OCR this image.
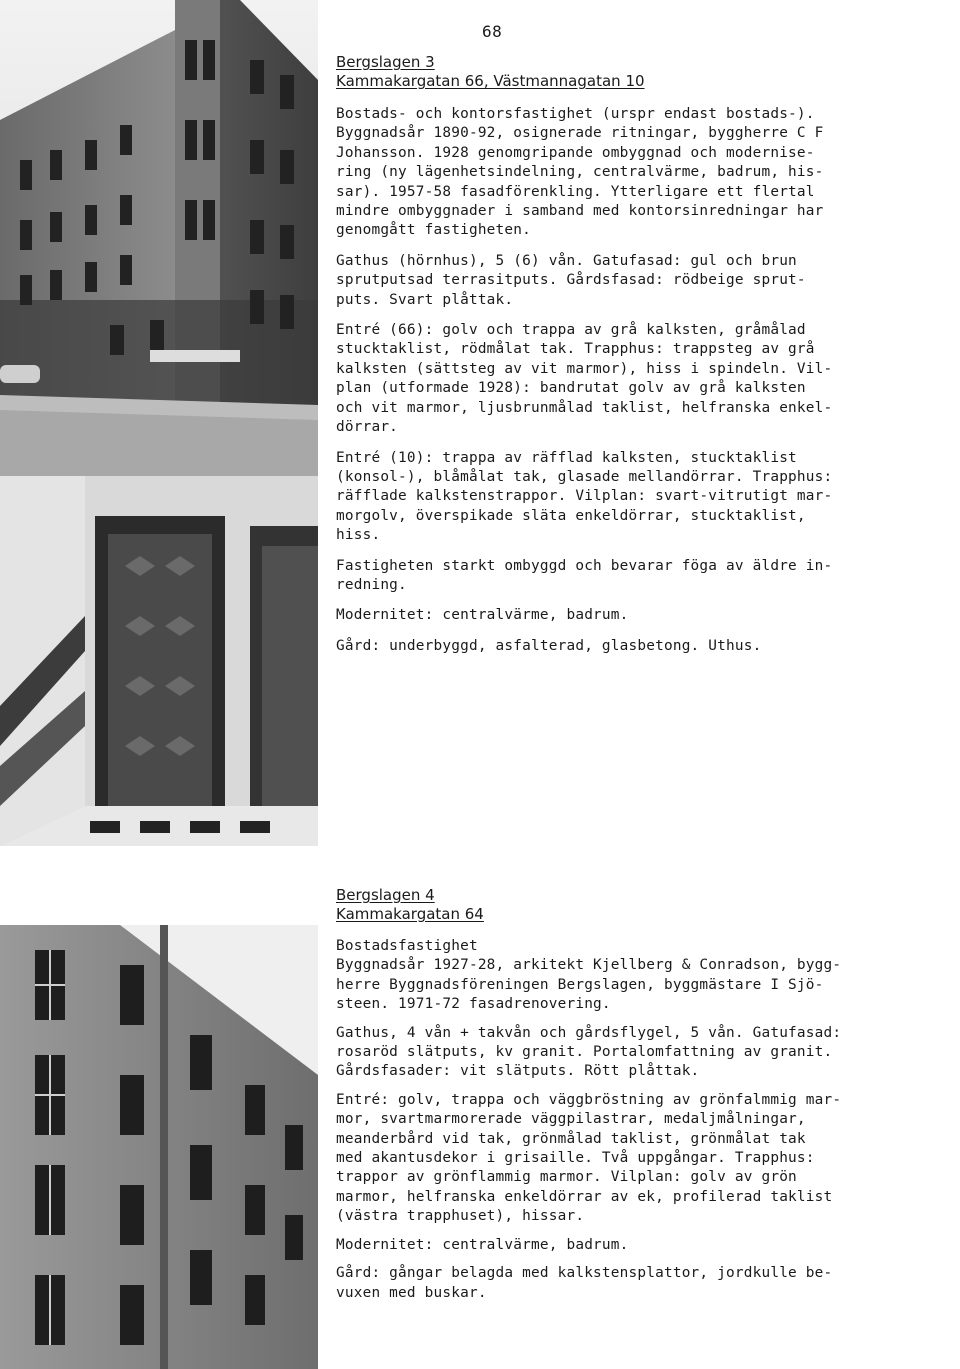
68

Bergslagen 3

Kammakargatan 66, Västmannagatan 10

Bostads- och kontorsfastighet (urspr endast bostads-).
Byggnadsår 1890-92, osignerade ritningar, byggherre C F
Johansson. 1928 genomgripande ombyggnad och modernise-
ring (ny lägenhetsindelning, centralvärme, badrum, his-
sar). 1957-58 fasadförenkling. Ytterligare ett flertal
mindre ombyggnader i samband med kontorsinredningar har
genomgått fastigheten.

Gathus (hörnhus), 5 (6) vån. Gatufasad: gul och brun
sprutputsad terrasitputs. Gårdsfasad: rödbeige sprut-
puts. Svart plåttak.

Entré (66): golv och trappa av grå kalksten, gråmålad
stucktaklist, rödmålat tak. Trapphus: trappsteg av grå
kalksten (sättsteg av vit marmor), hiss i spindeln. Vil-
plan (utformade 1928): bandrutat golv av grå kalksten
och vit marmor, ljusbrunmålad taklist, helfranska enkel-
dörrar.

Entré (10): trappa av räfflad kalksten, stucktaklist
(konsol-), blåmålat tak, glasade mellandörrar. Trapphus:
räfflade kalkstenstrappor. Vilplan: svart-vitrutigt mar-
morgolv, överspikade släta enkeldörrar, stucktaklist,
hiss.

Fastigheten starkt ombyggd och bevarar föga av äldre in-
redning.

Modernitet: centralvärme, badrum.

Gård: underbyggd, asfalterad, glasbetong. Uthus.

Bergslagen 4

Kammakargatan 64

Bostadsfastighet
Byggnadsår 1927-28, arkitekt Kjellberg & Conradson, bygg-
herre Byggnadsföreningen Bergslagen, byggmästare I Sjö-
steen. 1971-72 fasadrenovering.

Gathus, 4 vån + takvån och gårdsflygel, 5 vån. Gatufasad:
rosaröd slätputs, kv granit. Portalomfattning av granit.
Gårdsfasader: vit slätputs. Rött plåttak.

Entré: golv, trappa och väggbröstning av grönfalmmig mar-
mor, svartmarmorerade väggpilastrar, medaljmålningar,
meanderbård vid tak, grönmålad taklist, grönmålat tak
med akantusdekor i grisaille. Två uppgångar. Trapphus:
trappor av grönflammig marmor. Vilplan: golv av grön
marmor, helfranska enkeldörrar av ek, profilerad taklist
(västra trapphuset), hissar.

Modernitet: centralvärme, badrum.

Gård: gångar belagda med kalkstensplattor, jordkulle be-
vuxen med buskar.
